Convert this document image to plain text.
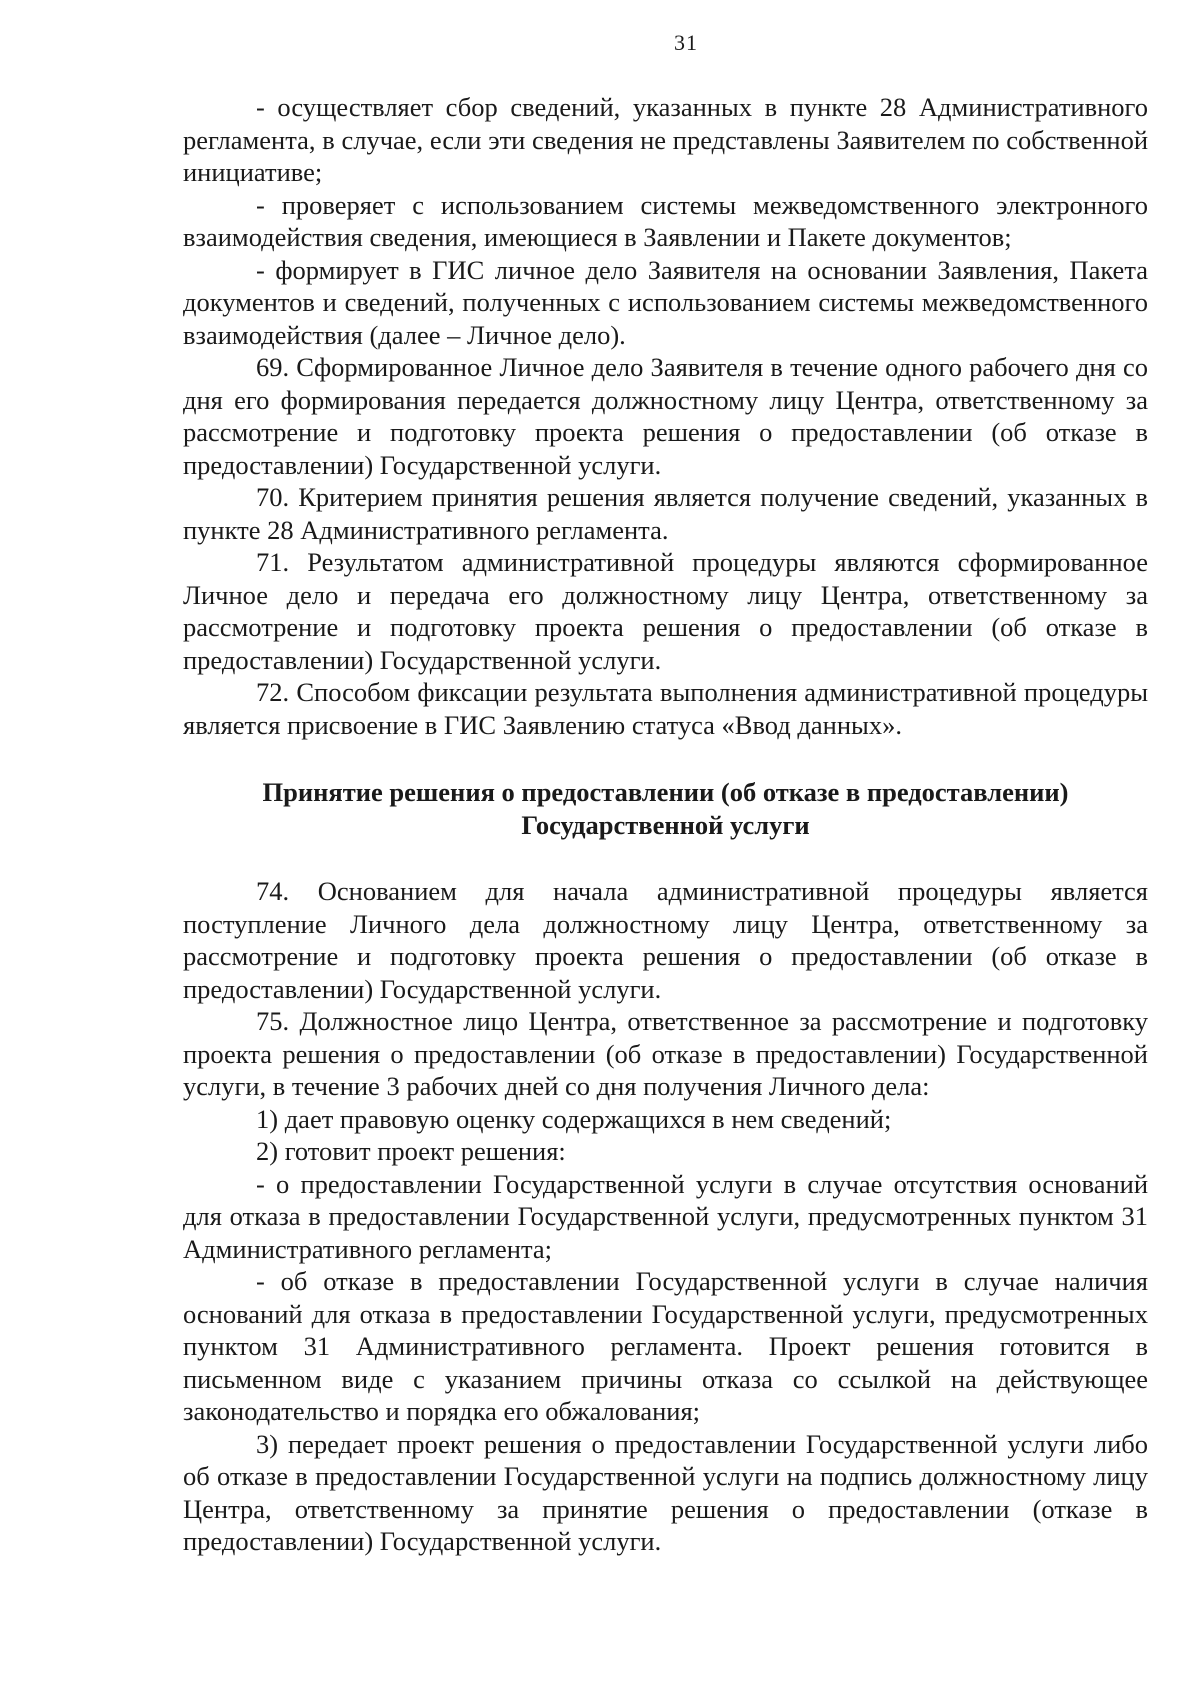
31

- осуществляет сбор сведений, указанных в пункте 28 Административного регламента, в случае, если эти сведения не представлены Заявителем по собственной инициативе;

- проверяет с использованием системы межведомственного электронного взаимодействия сведения, имеющиеся в Заявлении и Пакете документов;

- формирует в ГИС личное дело Заявителя на основании Заявления, Пакета документов и сведений, полученных с использованием системы межведомственного взаимодействия (далее – Личное дело).

69. Сформированное Личное дело Заявителя в течение одного рабочего дня со дня его формирования передается должностному лицу Центра, ответственному за рассмотрение и подготовку проекта решения о предоставлении (об отказе в предоставлении) Государственной услуги.

70. Критерием принятия решения является получение сведений, указанных в пункте 28 Административного регламента.

71. Результатом административной процедуры являются сформированное Личное дело и передача его должностному лицу Центра, ответственному за рассмотрение и подготовку проекта решения о предоставлении (об отказе в предоставлении) Государственной услуги.

72. Способом фиксации результата выполнения административной процедуры является присвоение в ГИС Заявлению статуса «Ввод данных».

Принятие решения о предоставлении (об отказе в предоставлении)
Государственной услуги

74. Основанием для начала административной процедуры является поступление Личного дела должностному лицу Центра, ответственному за рассмотрение и подготовку проекта решения о предоставлении (об отказе в предоставлении) Государственной услуги.

75. Должностное лицо Центра, ответственное за рассмотрение и подготовку проекта решения о предоставлении (об отказе в предоставлении) Государственной услуги, в течение 3 рабочих дней со дня получения Личного дела:

1) дает правовую оценку содержащихся в нем сведений;

2) готовит проект решения:

- о предоставлении Государственной услуги в случае отсутствия оснований для отказа в предоставлении Государственной услуги, предусмотренных пунктом 31 Административного регламента;

- об отказе в предоставлении Государственной услуги в случае наличия оснований для отказа в предоставлении Государственной услуги, предусмотренных пунктом 31 Административного регламента. Проект решения готовится в письменном виде с указанием причины отказа со ссылкой на действующее законодательство и порядка его обжалования;

3) передает проект решения о предоставлении Государственной услуги либо об отказе в предоставлении Государственной услуги на подпись должностному лицу Центра, ответственному за принятие решения о предоставлении (отказе в предоставлении) Государственной услуги.
